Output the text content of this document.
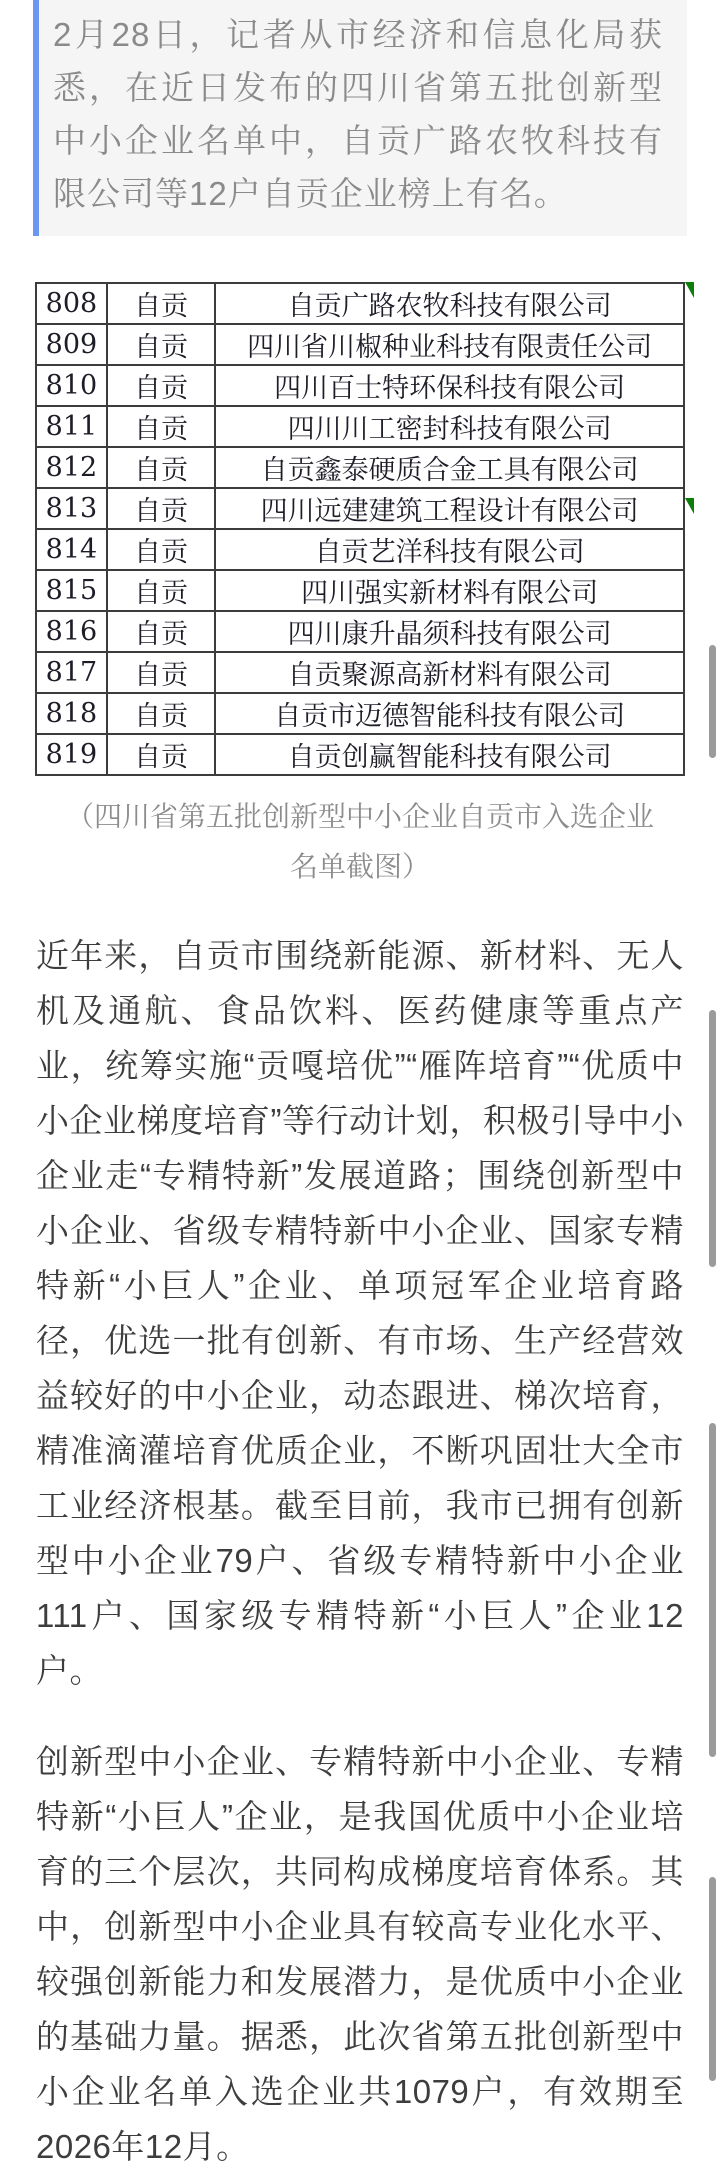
2月28日，记者从市经济和信息化局获悉，在近日发布的四川省第五批创新型中小企业名单中，自贡广路农牧科技有限公司等12户自贡企业榜上有名。

808	自贡	自贡广路农牧科技有限公司
809	自贡	四川省川椒种业科技有限责任公司
810	自贡	四川百士特环保科技有限公司
811	自贡	四川川工密封科技有限公司
812	自贡	自贡鑫泰硬质合金工具有限公司
813	自贡	四川远建建筑工程设计有限公司
814	自贡	自贡艺洋科技有限公司
815	自贡	四川强实新材料有限公司
816	自贡	四川康升晶须科技有限公司
817	自贡	自贡聚源高新材料有限公司
818	自贡	自贡市迈德智能科技有限公司
819	自贡	自贡创赢智能科技有限公司

（四川省第五批创新型中小企业自贡市入选企业

名单截图）

近年来，自贡市围绕新能源、新材料、无人机及通航、食品饮料、医药健康等重点产业，统筹实施“贡嘎培优”“雁阵培育”“优质中小企业梯度培育”等行动计划，积极引导中小企业走“专精特新”发展道路；围绕创新型中小企业、省级专精特新中小企业、国家专精特新“小巨人”企业、单项冠军企业培育路径，优选一批有创新、有市场、生产经营效益较好的中小企业，动态跟进、梯次培育，精准滴灌培育优质企业，不断巩固壮大全市工业经济根基。截至目前，我市已拥有创新型中小企业79户、省级专精特新中小企业111户、国家级专精特新“小巨人”企业12户。

创新型中小企业、专精特新中小企业、专精特新“小巨人”企业，是我国优质中小企业培育的三个层次，共同构成梯度培育体系。其中，创新型中小企业具有较高专业化水平、较强创新能力和发展潜力，是优质中小企业的基础力量。据悉，此次省第五批创新型中小企业名单入选企业共1079户，有效期至2026年12月。
